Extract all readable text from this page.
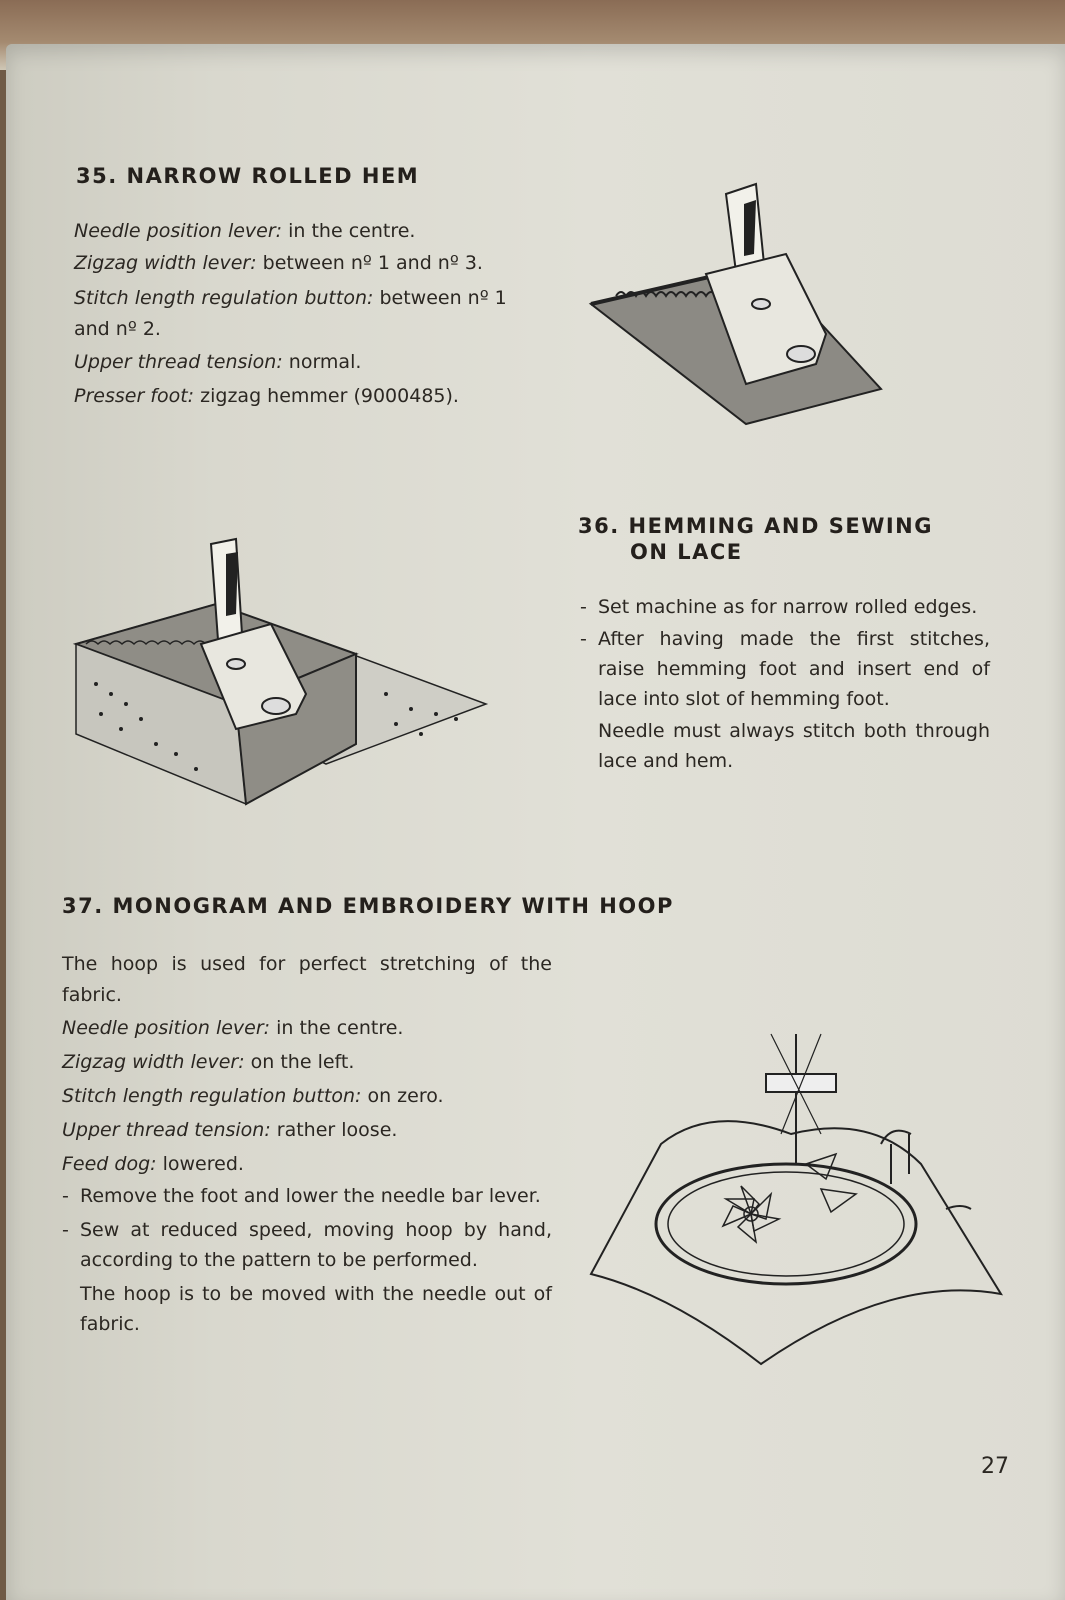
35. NARROW ROLLED HEM
Needle position lever: in the centre.
Zigzag width lever: between nº 1 and nº 3.
Stitch length regulation button: between nº 1 and nº 2.
Upper thread tension: normal.
Presser foot: zigzag hemmer (9000485).
36. HEMMING AND SEWING
ON LACE
- Set machine as for narrow rolled edges.
- After having made the first stitches, raise hemming foot and insert end of lace into slot of hemming foot.
Needle must always stitch both through lace and hem.
37. MONOGRAM AND EMBROIDERY WITH HOOP
The hoop is used for perfect stretching of the fabric.
Needle position lever: in the centre.
Zigzag width lever: on the left.
Stitch length regulation button: on zero.
Upper thread tension: rather loose.
Feed dog: lowered.
- Remove the foot and lower the needle bar lever.
- Sew at reduced speed, moving hoop by hand, according to the pattern to be performed.
The hoop is to be moved with the needle out of fabric.
27
